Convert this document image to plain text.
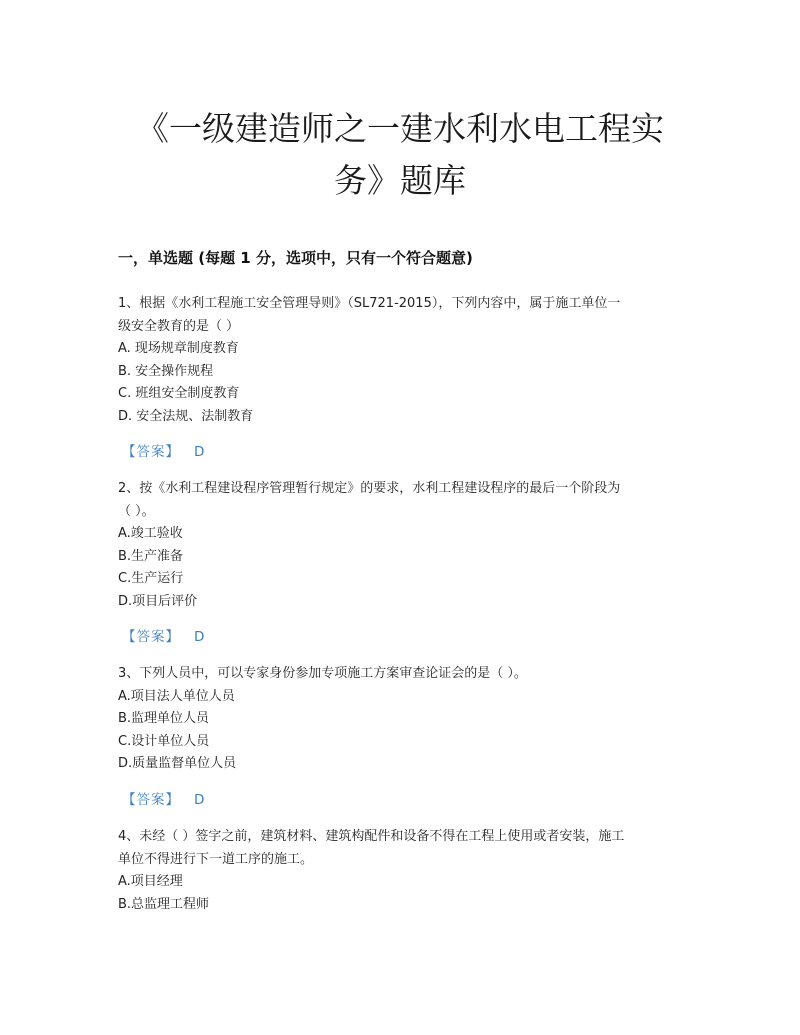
《一级建造师之一建水利水电工程实
务》题库
一，单选题 (每题 1 分，选项中，只有一个符合题意)
1、根据《水利工程施工安全管理导则》（SL721-2015），下列内容中，属于施工单位一
级安全教育的是（ ）
A. 现场规章制度教育
B. 安全操作规程
C. 班组安全制度教育
D. 安全法规、法制教育
【答案】 D
2、按《水利工程建设程序管理暂行规定》的要求，水利工程建设程序的最后一个阶段为
（ ）。
A.竣工验收
B.生产准备
C.生产运行
D.项目后评价
【答案】 D
3、下列人员中，可以专家身份参加专项施工方案审查论证会的是（ ）。
A.项目法人单位人员
B.监理单位人员
C.设计单位人员
D.质量监督单位人员
【答案】 D
4、未经（ ）签字之前，建筑材料、建筑构配件和设备不得在工程上使用或者安装，施工
单位不得进行下一道工序的施工。
A.项目经理
B.总监理工程师
